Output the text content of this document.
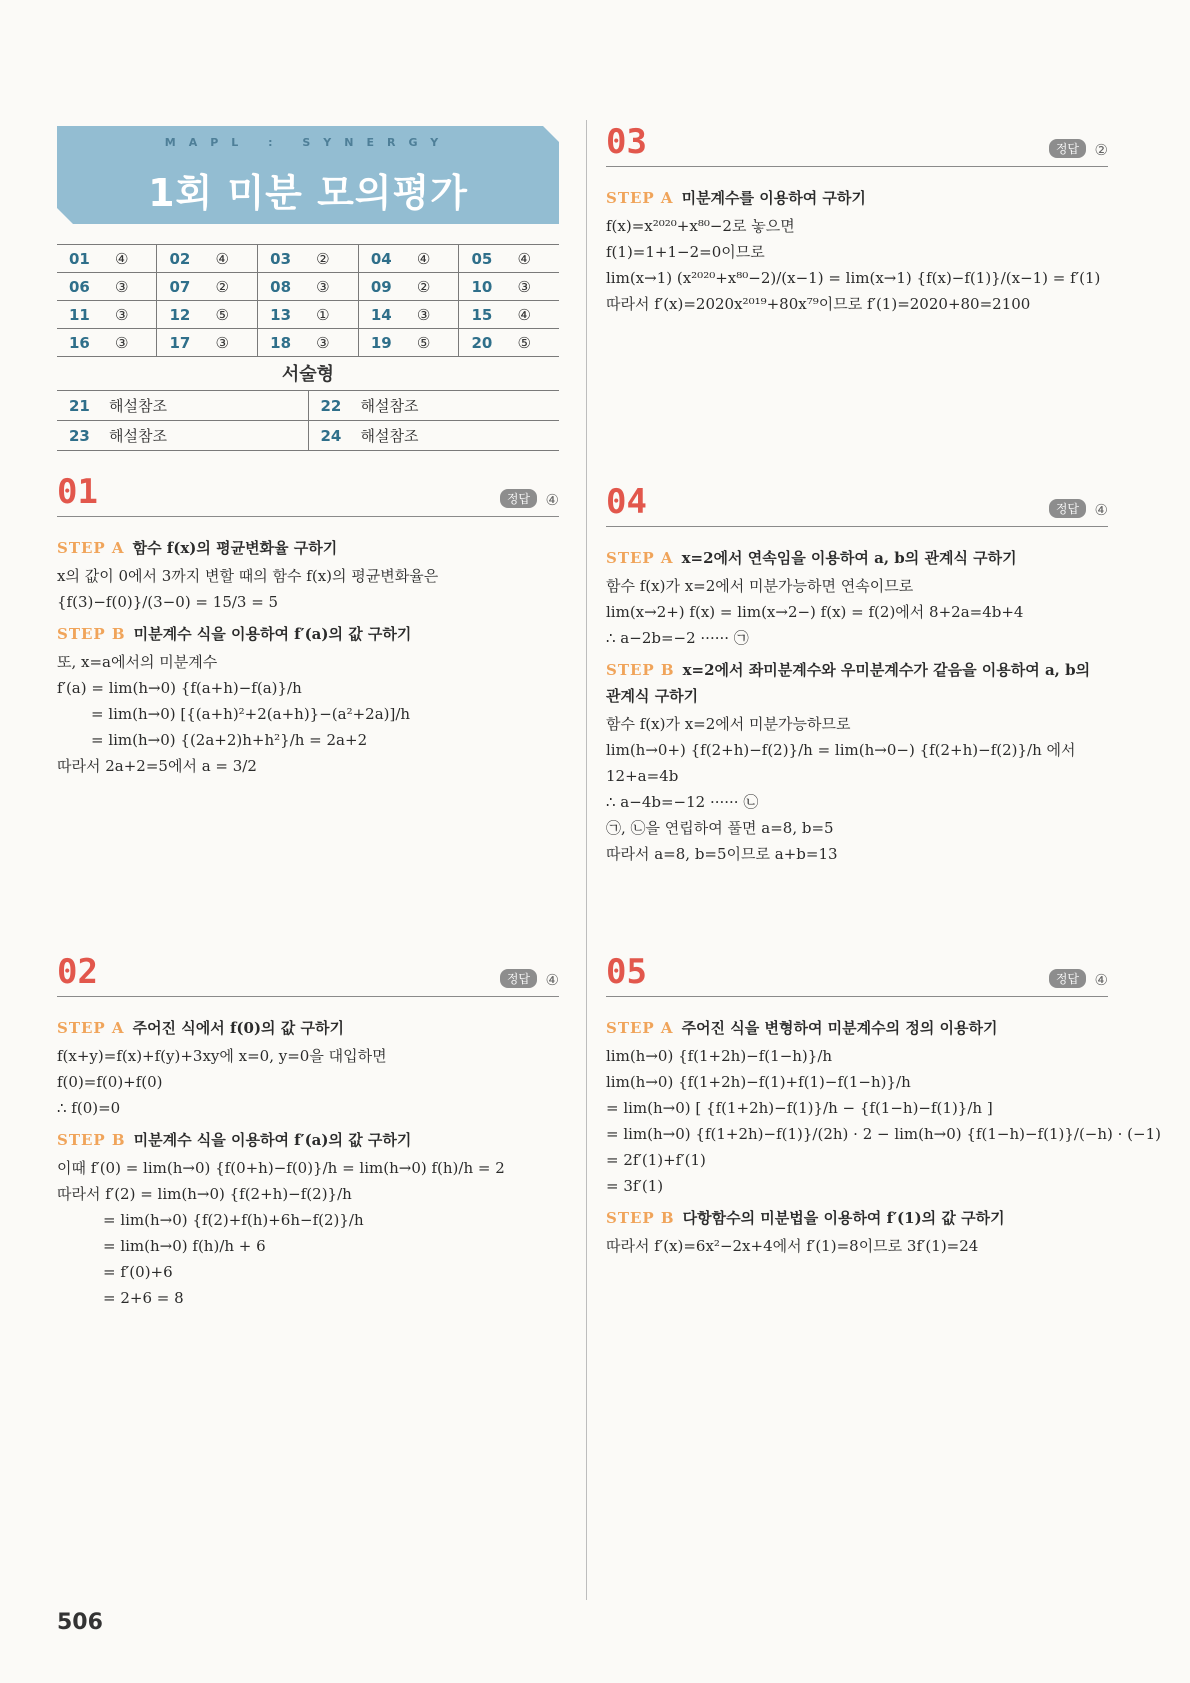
MAPL : SYNERGY
1회 미분 모의평가
01 ④	02 ④	03 ②	04 ④	05 ④
06 ③	07 ②	08 ③	09 ②	10 ③
11 ③	12 ⑤	13 ①	14 ③	15 ④
16 ③	17 ③	18 ③	19 ⑤	20 ⑤
서술형
21 해설참조	22 해설참조
23 해설참조	24 해설참조
01	정답	④
STEP A 함수 f(x)의 평균변화율 구하기
x의 값이 0에서 3까지 변할 때의 함수 f(x)의 평균변화율은
{f(3)−f(0)}/(3−0) = 15/3 = 5
STEP B 미분계수 식을 이용하여 f′(a)의 값 구하기
또, x=a에서의 미분계수
f′(a) = lim(h→0) {f(a+h)−f(a)}/h
= lim(h→0) [{(a+h)²+2(a+h)}−(a²+2a)]/h
= lim(h→0) {(2a+2)h+h²}/h = 2a+2
따라서 2a+2=5에서 a = 3/2
02	정답	④
STEP A 주어진 식에서 f(0)의 값 구하기
f(x+y)=f(x)+f(y)+3xy에 x=0, y=0을 대입하면
f(0)=f(0)+f(0)
∴ f(0)=0
STEP B 미분계수 식을 이용하여 f′(a)의 값 구하기
이때 f′(0) = lim(h→0) {f(0+h)−f(0)}/h = lim(h→0) f(h)/h = 2
따라서 f′(2) = lim(h→0) {f(2+h)−f(2)}/h
= lim(h→0) {f(2)+f(h)+6h−f(2)}/h
= lim(h→0) f(h)/h + 6
= f′(0)+6
= 2+6 = 8
03	정답	②
STEP A 미분계수를 이용하여 구하기
f(x)=x²⁰²⁰+x⁸⁰−2로 놓으면
f(1)=1+1−2=0이므로
lim(x→1) (x²⁰²⁰+x⁸⁰−2)/(x−1) = lim(x→1) {f(x)−f(1)}/(x−1) = f′(1)
따라서 f′(x)=2020x²⁰¹⁹+80x⁷⁹이므로 f′(1)=2020+80=2100
04	정답	④
STEP A x=2에서 연속임을 이용하여 a, b의 관계식 구하기
함수 f(x)가 x=2에서 미분가능하면 연속이므로
lim(x→2+) f(x) = lim(x→2−) f(x) = f(2)에서 8+2a=4b+4
∴ a−2b=−2 ······ ㉠
STEP B x=2에서 좌미분계수와 우미분계수가 같음을 이용하여 a, b의 관계식 구하기
함수 f(x)가 x=2에서 미분가능하므로
lim(h→0+) {f(2+h)−f(2)}/h = lim(h→0−) {f(2+h)−f(2)}/h 에서
12+a=4b
∴ a−4b=−12 ······ ㉡
㉠, ㉡을 연립하여 풀면 a=8, b=5
따라서 a=8, b=5이므로 a+b=13
05	정답	④
STEP A 주어진 식을 변형하여 미분계수의 정의 이용하기
lim(h→0) {f(1+2h)−f(1−h)}/h
lim(h→0) {f(1+2h)−f(1)+f(1)−f(1−h)}/h
= lim(h→0) [ {f(1+2h)−f(1)}/h − {f(1−h)−f(1)}/h ]
= lim(h→0) {f(1+2h)−f(1)}/(2h) · 2 − lim(h→0) {f(1−h)−f(1)}/(−h) · (−1)
= 2f′(1)+f′(1)
= 3f′(1)
STEP B 다항함수의 미분법을 이용하여 f′(1)의 값 구하기
따라서 f′(x)=6x²−2x+4에서 f′(1)=8이므로 3f′(1)=24
506
